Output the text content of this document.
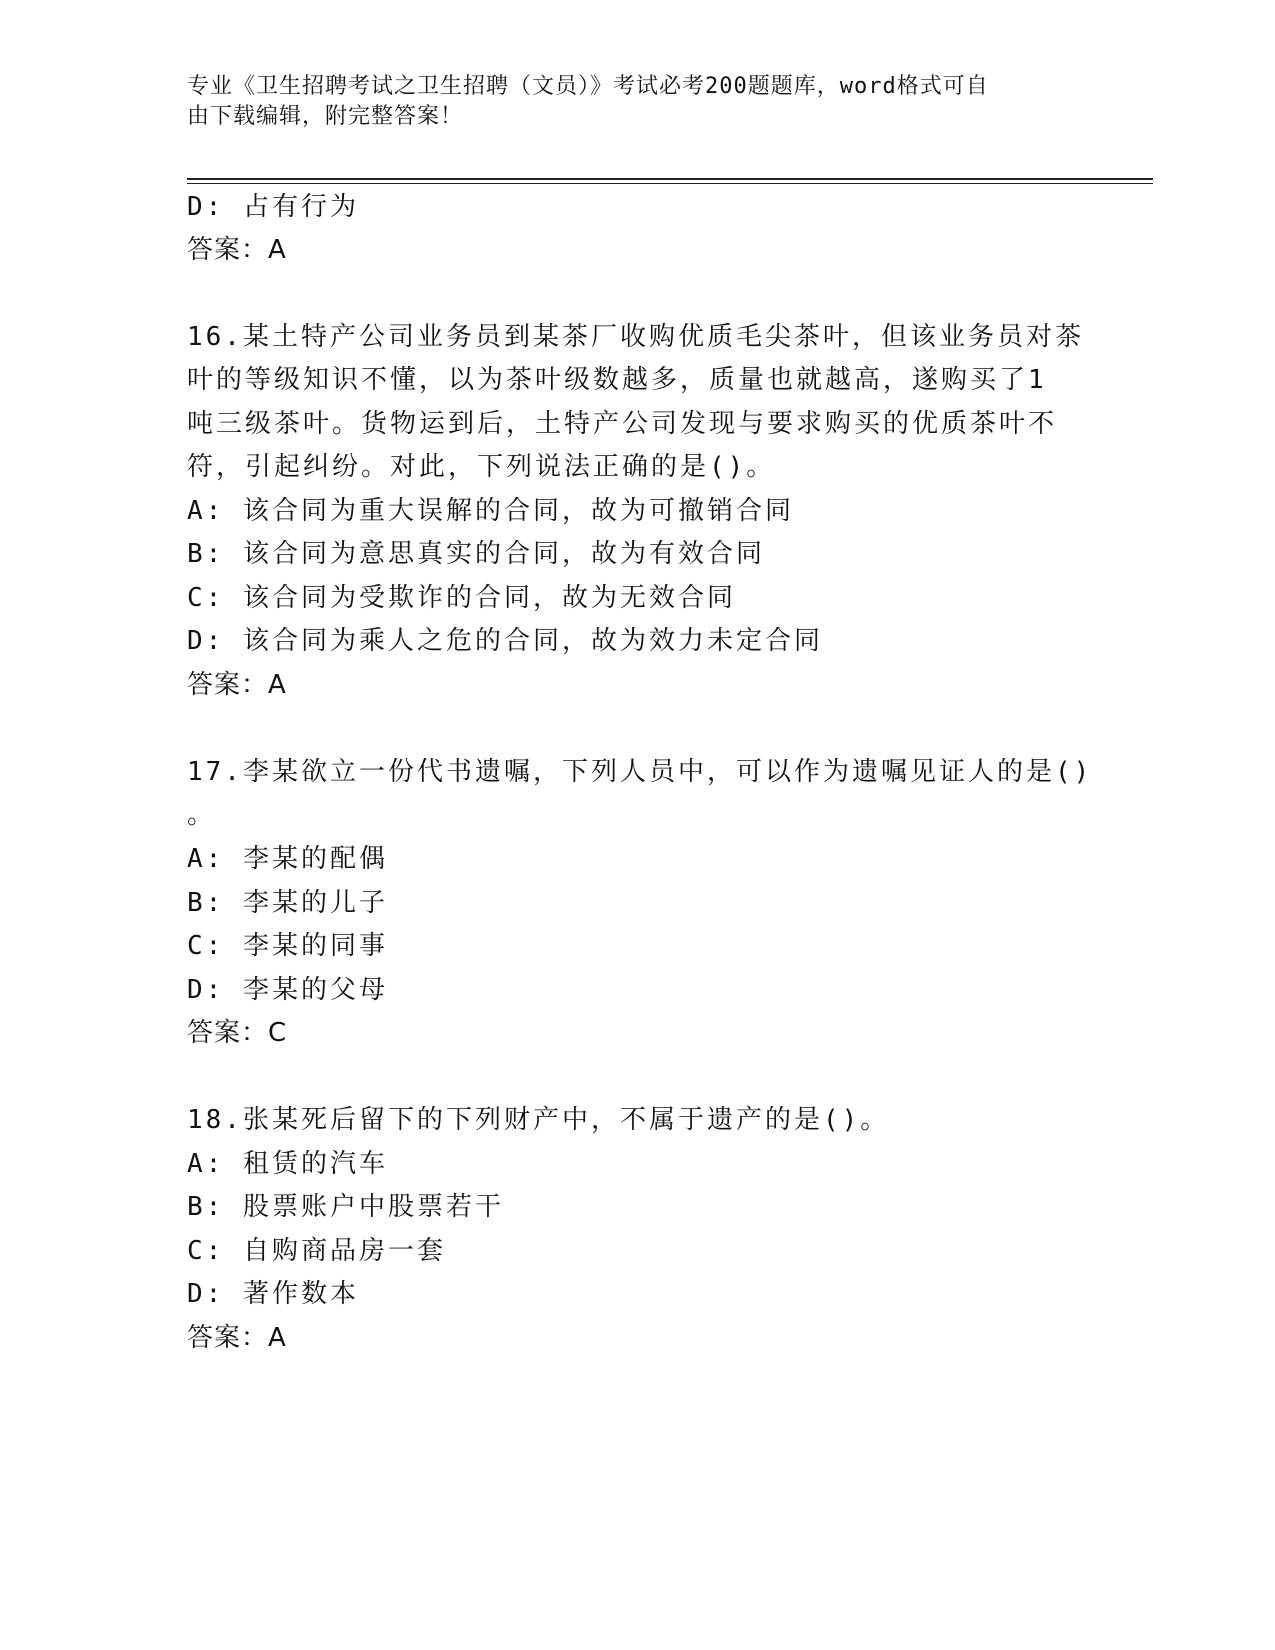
专业《卫生招聘考试之卫生招聘（文员）》考试必考200题题库，word格式可自
由下载编辑，附完整答案！
D: 占有行为
答案：A
16.某土特产公司业务员到某茶厂收购优质毛尖茶叶，但该业务员对茶
叶的等级知识不懂，以为茶叶级数越多，质量也就越高，遂购买了1
吨三级茶叶。货物运到后，土特产公司发现与要求购买的优质茶叶不
符，引起纠纷。对此，下列说法正确的是()。
A: 该合同为重大误解的合同，故为可撤销合同
B: 该合同为意思真实的合同，故为有效合同
C: 该合同为受欺诈的合同，故为无效合同
D: 该合同为乘人之危的合同，故为效力未定合同
答案：A
17.李某欲立一份代书遗嘱，下列人员中，可以作为遗嘱见证人的是()
。
A: 李某的配偶
B: 李某的儿子
C: 李某的同事
D: 李某的父母
答案：C
18.张某死后留下的下列财产中，不属于遗产的是()。
A: 租赁的汽车
B: 股票账户中股票若干
C: 自购商品房一套
D: 著作数本
答案：A
